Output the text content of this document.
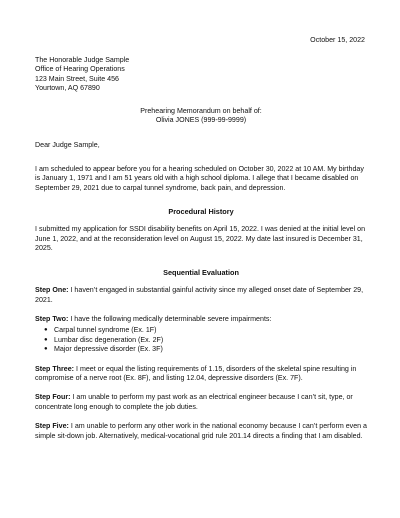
October 15, 2022
The Honorable Judge Sample
Office of Hearing Operations
123 Main Street, Suite 456
Yourtown, AQ 67890
Prehearing Memorandum on behalf of:
Olivia JONES (999-99-9999)

Dear Judge Sample,

I am scheduled to appear before you for a hearing scheduled on October 30, 2022 at 10 AM. My birthday is January 1, 1971 and I am 51 years old with a high school diploma. I allege that I became disabled on September 29, 2021 due to carpal tunnel syndrome, back pain, and depression.

Procedural History

I submitted my application for SSDI disability benefits on April 15, 2022. I was denied at the initial level on June 1, 2022, and at the reconsideration level on August 15, 2022. My date last insured is December 31, 2025.

Sequential Evaluation

Step One: I haven’t engaged in substantial gainful activity since my alleged onset date of September 29, 2021.

Step Two: I have the following medically determinable severe impairments:

● Carpal tunnel syndrome (Ex. 1F)
● Lumbar disc degeneration (Ex. 2F)
● Major depressive disorder (Ex. 3F)

Step Three: I meet or equal the listing requirements of 1.15, disorders of the skeletal spine resulting in compromise of a nerve root (Ex. 8F), and listing 12.04, depressive disorders (Ex. 7F).

Step Four: I am unable to perform my past work as an electrical engineer because I can’t sit, type, or concentrate long enough to complete the job duties.

Step Five: I am unable to perform any other work in the national economy because I can’t perform even a simple sit-down job. Alternatively, medical-vocational grid rule 201.14 directs a finding that I am disabled.
